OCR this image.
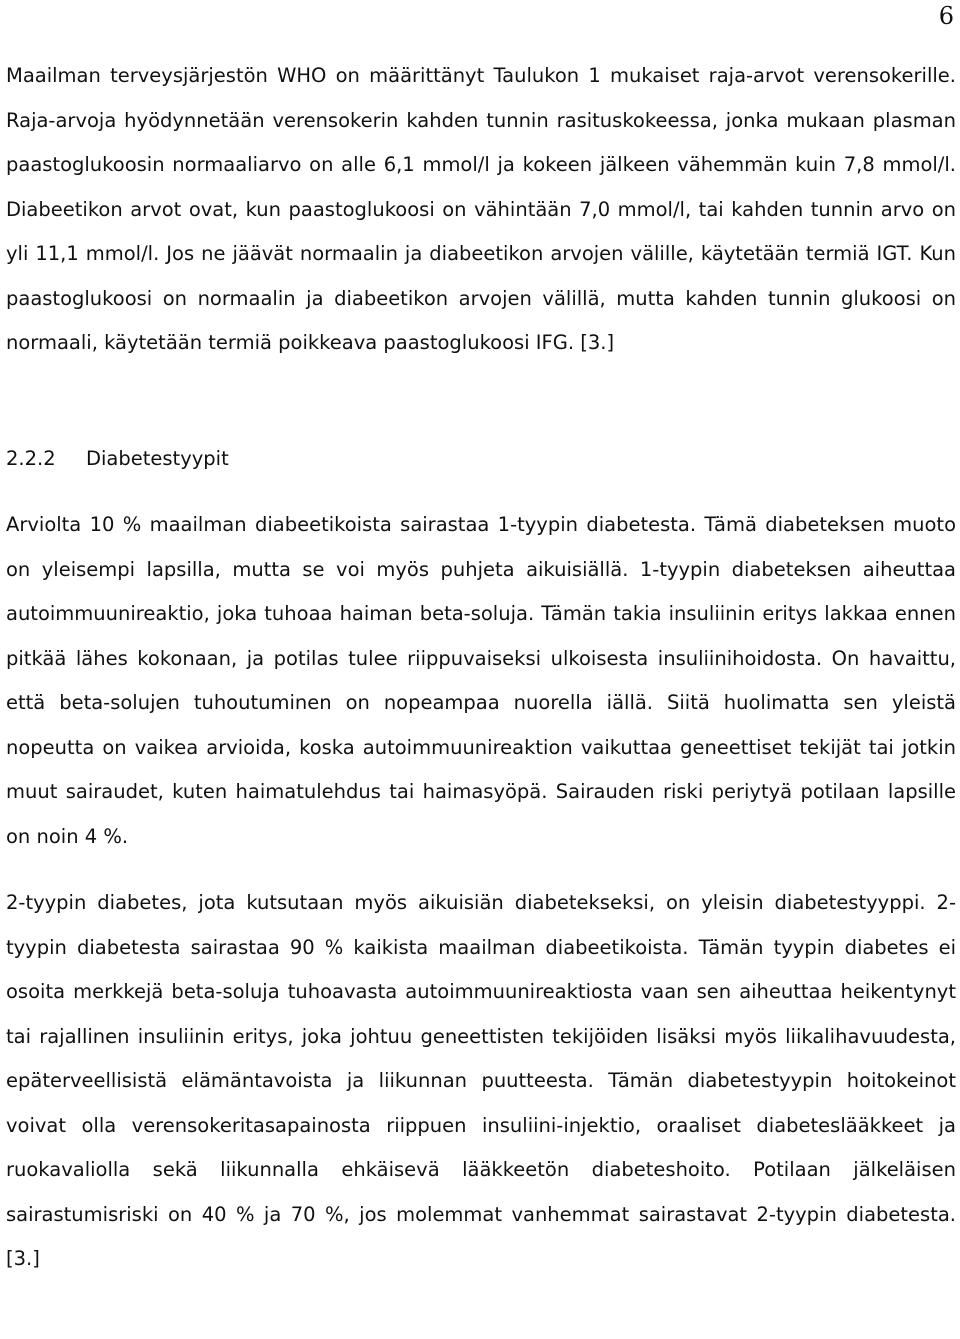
6

Maailman terveysjärjestön WHO on määrittänyt Taulukon 1 mukaiset raja-arvot verensokerille. Raja-arvoja hyödynnetään verensokerin kahden tunnin rasituskokeessa, jonka mukaan plasman paastoglukoosin normaaliarvo on alle 6,1 mmol/l ja kokeen jälkeen vähemmän kuin 7,8 mmol/l. Diabeetikon arvot ovat, kun paastoglukoosi on vähintään 7,0 mmol/l, tai kahden tunnin arvo on yli 11,1 mmol/l. Jos ne jäävät normaalin ja diabeetikon arvojen välille, käytetään termiä IGT. Kun paastoglukoosi on normaalin ja diabeetikon arvojen välillä, mutta kahden tunnin glukoosi on normaali, käytetään termiä poikkeava paastoglukoosi IFG. [3.]

2.2.2 Diabetestyypit

Arviolta 10 % maailman diabeetikoista sairastaa 1-tyypin diabetesta. Tämä diabeteksen muoto on yleisempi lapsilla, mutta se voi myös puhjeta aikuisiällä. 1-tyypin diabeteksen aiheuttaa autoimmuunireaktio, joka tuhoaa haiman beta-soluja. Tämän takia insuliinin eritys lakkaa ennen pitkää lähes kokonaan, ja potilas tulee riippuvaiseksi ulkoisesta insuliinihoidosta. On havaittu, että beta-solujen tuhoutuminen on nopeampaa nuorella iällä. Siitä huolimatta sen yleistä nopeutta on vaikea arvioida, koska autoimmuunireaktion vaikuttaa geneettiset tekijät tai jotkin muut sairaudet, kuten haimatulehdus tai haimasyöpä. Sairauden riski periytyä potilaan lapsille on noin 4 %.

2-tyypin diabetes, jota kutsutaan myös aikuisiän diabetekseksi, on yleisin diabetestyyppi. 2-tyypin diabetesta sairastaa 90 % kaikista maailman diabeetikoista. Tämän tyypin diabetes ei osoita merkkejä beta-soluja tuhoavasta autoimmuunireaktiosta vaan sen aiheuttaa heikentynyt tai rajallinen insuliinin eritys, joka johtuu geneettisten tekijöiden lisäksi myös liikalihavuudesta, epäterveellisistä elämäntavoista ja liikunnan puutteesta. Tämän diabetestyypin hoitokeinot voivat olla verensokeritasapainosta riippuen insuliini-injektio, oraaliset diabeteslääkkeet ja ruokavaliolla sekä liikunnalla ehkäisevä lääkkeetön diabeteshoito. Potilaan jälkeläisen sairastumisriski on 40 % ja 70 %, jos molemmat vanhemmat sairastavat 2-tyypin diabetesta. [3.]
